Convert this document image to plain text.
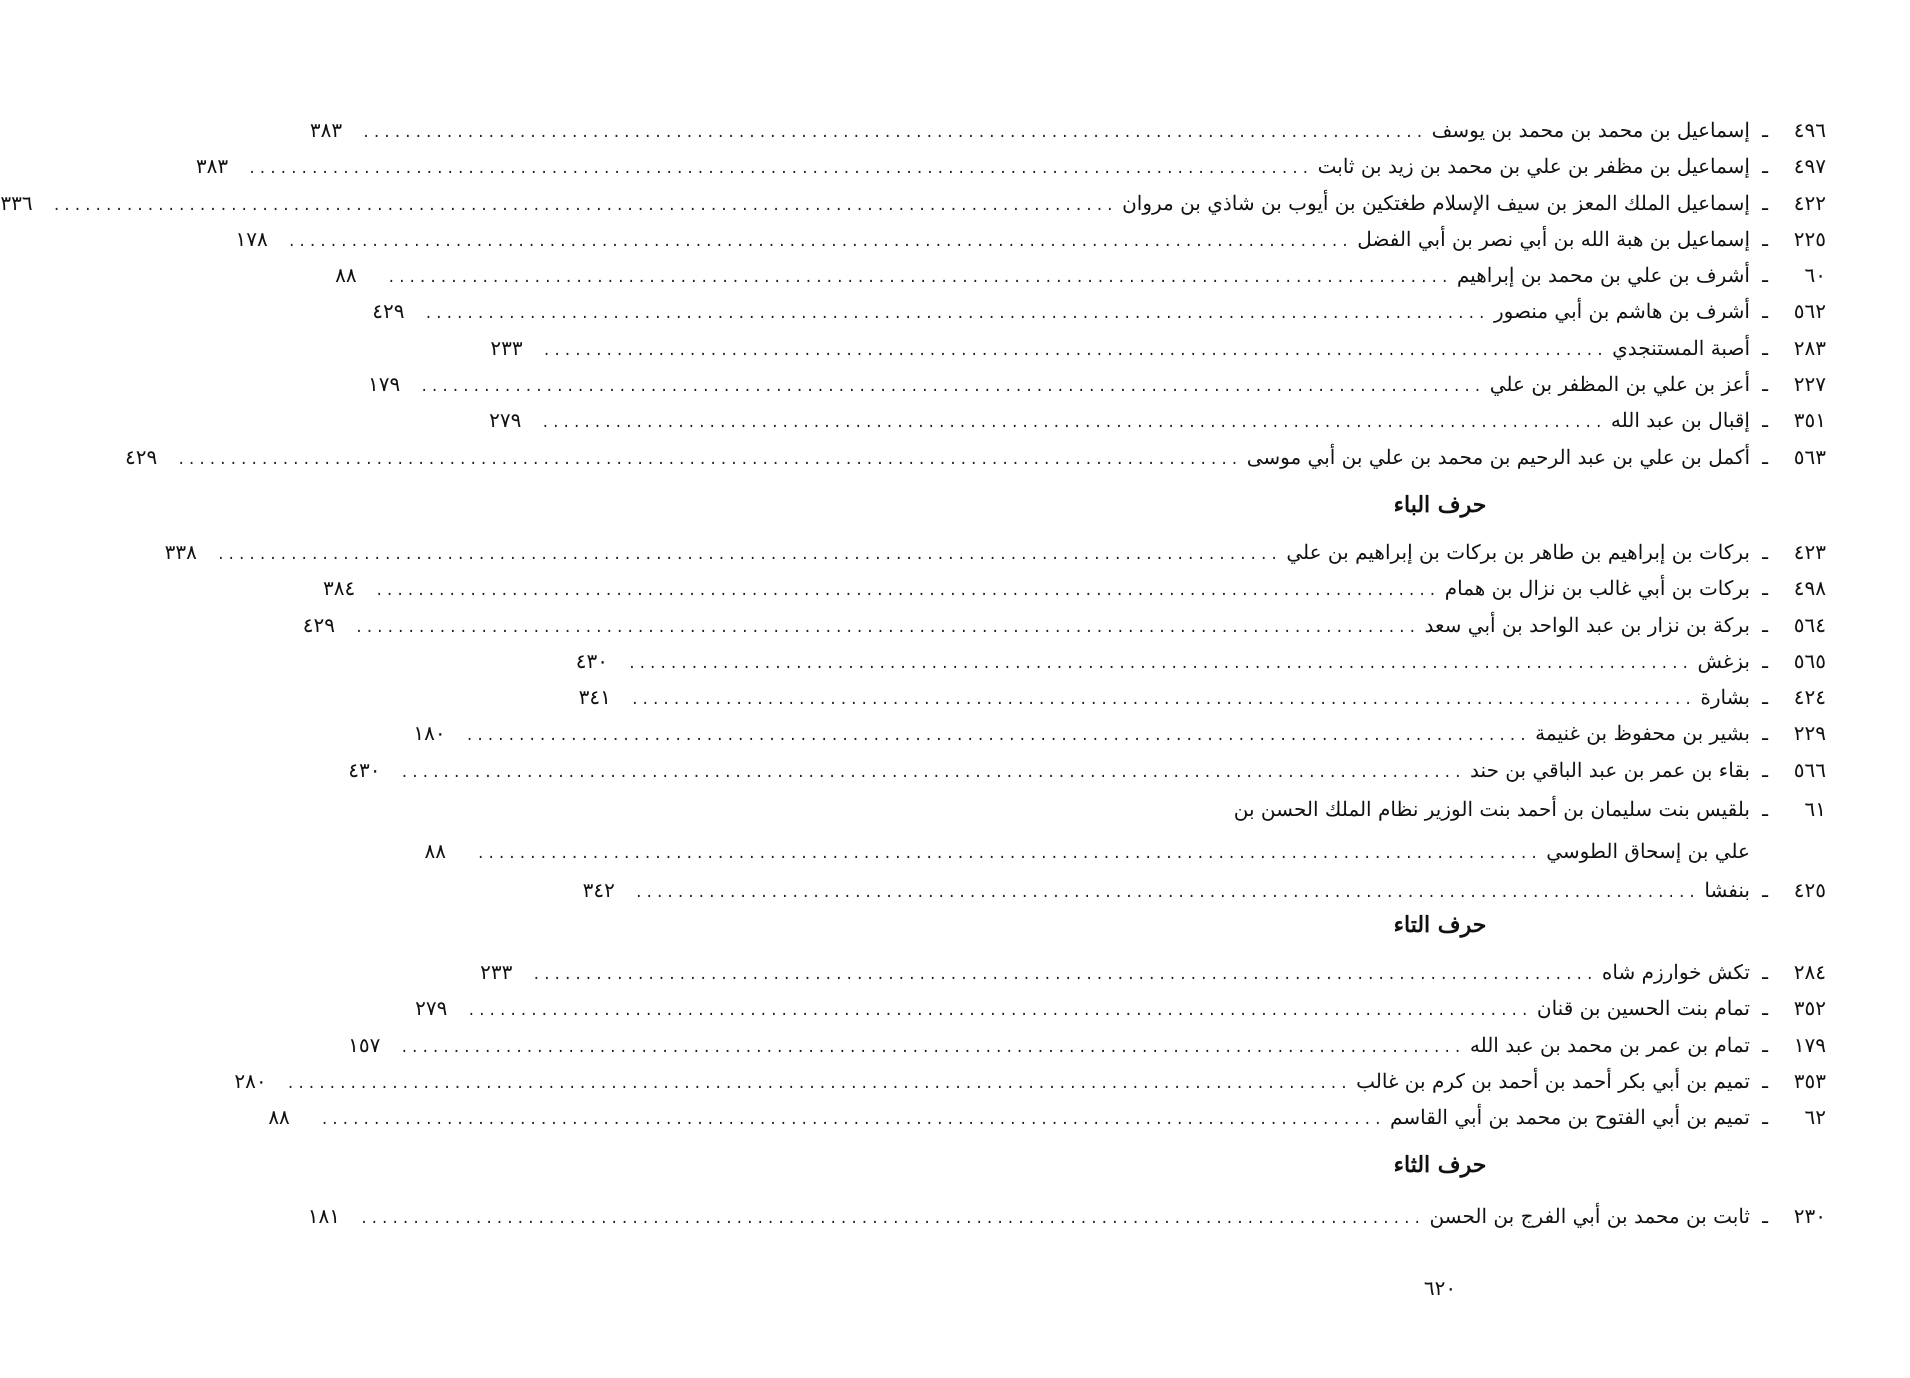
٤٩٦
ـ
إسماعيل بن محمد بن محمد بن يوسف
......................................................................................................
٣٨٣
٤٩٧
ـ
إسماعيل بن مظفر بن علي بن محمد بن زيد بن ثابت
......................................................................................................
٣٨٣
٤٢٢
ـ
إسماعيل الملك المعز بن سيف الإسلام طغتكين بن أيوب بن شاذي بن مروان
......................................................................................................
٣٣٦
٢٢٥
ـ
إسماعيل بن هبة الله بن أبي نصر بن أبي الفضل
......................................................................................................
١٧٨
٦٠
ـ
أشرف بن علي بن محمد بن إبراهيم
......................................................................................................
٨٨
٥٦٢
ـ
أشرف بن هاشم بن أبي منصور
......................................................................................................
٤٢٩
٢٨٣
ـ
أصبة المستنجدي
......................................................................................................
٢٣٣
٢٢٧
ـ
أعز بن علي بن المظفر بن علي
......................................................................................................
١٧٩
٣٥١
ـ
إقبال بن عبد الله
......................................................................................................
٢٧٩
٥٦٣
ـ
أكمل بن علي بن عبد الرحيم بن محمد بن علي بن أبي موسى
......................................................................................................
٤٢٩
حرف الباء
٤٢٣
ـ
بركات بن إبراهيم بن طاهر بن بركات بن إبراهيم بن علي
......................................................................................................
٣٣٨
٤٩٨
ـ
بركات بن أبي غالب بن نزال بن همام
......................................................................................................
٣٨٤
٥٦٤
ـ
بركة بن نزار بن عبد الواحد بن أبي سعد
......................................................................................................
٤٢٩
٥٦٥
ـ
بزغش
......................................................................................................
٤٣٠
٤٢٤
ـ
بشارة
......................................................................................................
٣٤١
٢٢٩
ـ
بشير بن محفوظ بن غنيمة
......................................................................................................
١٨٠
٥٦٦
ـ
بقاء بن عمر بن عبد الباقي بن حند
......................................................................................................
٤٣٠
٦١
ـ
بلقيس بنت سليمان بن أحمد بنت الوزير نظام الملك الحسن بن
علي بن إسحاق الطوسي
......................................................................................................
٨٨
٤٢٥
ـ
بنفشا
......................................................................................................
٣٤٢
حرف التاء
٢٨٤
ـ
تكش خوارزم شاه
......................................................................................................
٢٣٣
٣٥٢
ـ
تمام بنت الحسين بن قنان
......................................................................................................
٢٧٩
١٧٩
ـ
تمام بن عمر بن محمد بن عبد الله
......................................................................................................
١٥٧
٣٥٣
ـ
تميم بن أبي بكر أحمد بن أحمد بن كرم بن غالب
......................................................................................................
٢٨٠
٦٢
ـ
تميم بن أبي الفتوح بن محمد بن أبي القاسم
......................................................................................................
٨٨
حرف الثاء
٢٣٠
ـ
ثابت بن محمد بن أبي الفرج بن الحسن
......................................................................................................
١٨١
٦٢٠
